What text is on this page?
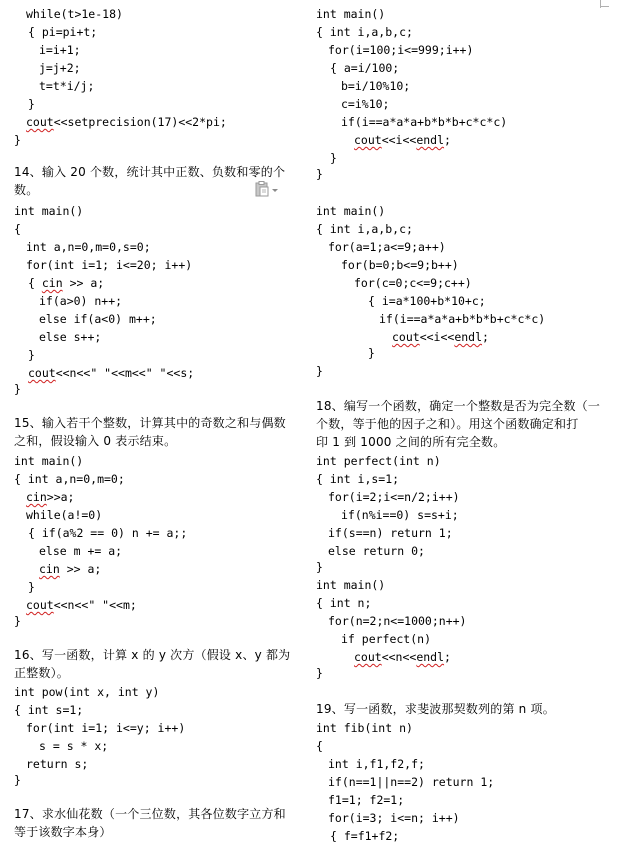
while(t>1e-18)
{ pi=pi+t;
i=i+1;
j=j+2;
t=t*i/j;
}
cout<<setprecision(17)<<2*pi;
}
14、输入 20 个数，统计其中正数、负数和零的个
数。
int main()
{
int a,n=0,m=0,s=0;
for(int i=1; i<=20; i++)
{ cin >> a;
if(a>0) n++;
else if(a<0) m++;
else s++;
}
cout<<n<<" "<<m<<" "<<s;
}
15、输入若干个整数，计算其中的奇数之和与偶数
之和，假设输入 0 表示结束。
int main()
{ int a,n=0,m=0;
cin>>a;
while(a!=0)
{ if(a%2 == 0) n += a;;
else m += a;
cin >> a;
}
cout<<n<<" "<<m;
}
16、写一函数，计算 x 的 y 次方（假设 x、y 都为
正整数）。
int pow(int x, int y)
{ int s=1;
for(int i=1; i<=y; i++)
s = s * x;
return s;
}
17、求水仙花数（一个三位数，其各位数字立方和
等于该数字本身）
int main()
{ int i,a,b,c;
for(i=100;i<=999;i++)
{ a=i/100;
b=i/10%10;
c=i%10;
if(i==a*a*a+b*b*b+c*c*c)
cout<<i<<endl;
}
}
int main()
{ int i,a,b,c;
for(a=1;a<=9;a++)
for(b=0;b<=9;b++)
for(c=0;c<=9;c++)
{ i=a*100+b*10+c;
if(i==a*a*a+b*b*b+c*c*c)
cout<<i<<endl;
}
}
18、编写一个函数，确定一个整数是否为完全数（一
个数，等于他的因子之和）。用这个函数确定和打
印 1 到 1000 之间的所有完全数。
int perfect(int n)
{ int i,s=1;
for(i=2;i<=n/2;i++)
if(n%i==0) s=s+i;
if(s==n) return 1;
else return 0;
}
int main()
{ int n;
for(n=2;n<=1000;n++)
if perfect(n)
cout<<n<<endl;
}
19、写一函数，求斐波那契数列的第 n 项。
int fib(int n)
{
int i,f1,f2,f;
if(n==1||n==2) return 1;
f1=1; f2=1;
for(i=3; i<=n; i++)
{ f=f1+f2;
